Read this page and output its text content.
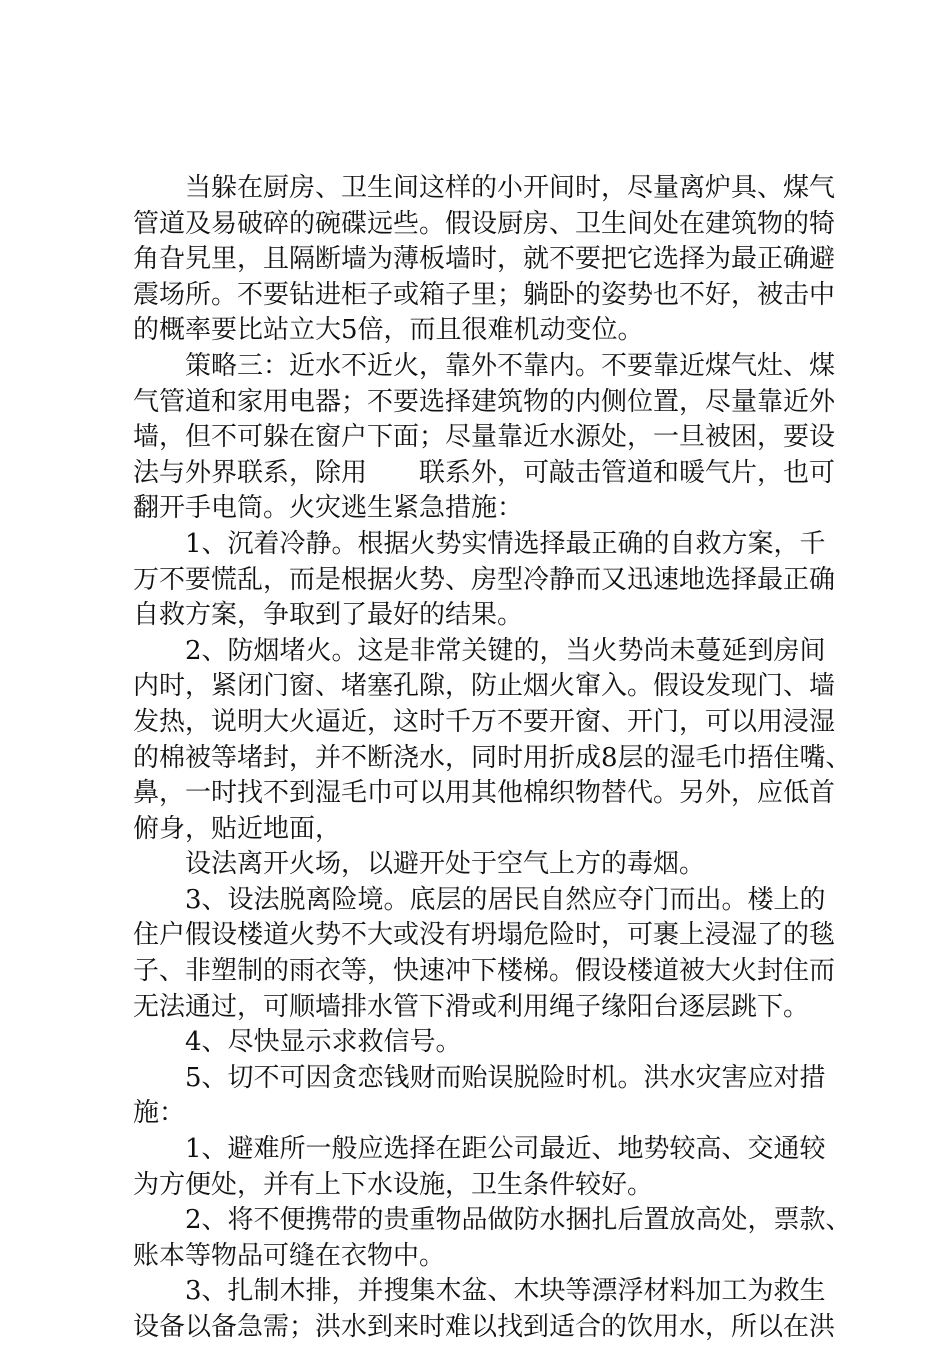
当躲在厨房、卫生间这样的小开间时，尽量离炉具、煤气
管道及易破碎的碗碟远些。假设厨房、卫生间处在建筑物的犄
角旮旯里，且隔断墙为薄板墙时，就不要把它选择为最正确避
震场所。不要钻进柜子或箱子里；躺卧的姿势也不好，被击中
的概率要比站立大5倍，而且很难机动变位。
策略三：近水不近火，靠外不靠内。不要靠近煤气灶、煤
气管道和家用电器；不要选择建筑物的内侧位置，尽量靠近外
墙，但不可躲在窗户下面；尽量靠近水源处，一旦被困，要设
法与外界联系，除用　　联系外，可敲击管道和暖气片，也可
翻开手电筒。火灾逃生紧急措施：
1、沉着冷静。根据火势实情选择最正确的自救方案，千
万不要慌乱，而是根据火势、房型冷静而又迅速地选择最正确
自救方案，争取到了最好的结果。
2、防烟堵火。这是非常关键的，当火势尚未蔓延到房间
内时，紧闭门窗、堵塞孔隙，防止烟火窜入。假设发现门、墙
发热，说明大火逼近，这时千万不要开窗、开门，可以用浸湿
的棉被等堵封，并不断浇水，同时用折成8层的湿毛巾捂住嘴、
鼻，一时找不到湿毛巾可以用其他棉织物替代。另外，应低首
俯身，贴近地面，
设法离开火场，以避开处于空气上方的毒烟。
3、设法脱离险境。底层的居民自然应夺门而出。楼上的
住户假设楼道火势不大或没有坍塌危险时，可裹上浸湿了的毯
子、非塑制的雨衣等，快速冲下楼梯。假设楼道被大火封住而
无法通过，可顺墙排水管下滑或利用绳子缘阳台逐层跳下。
4、尽快显示求救信号。
5、切不可因贪恋钱财而贻误脱险时机。洪水灾害应对措
施：
1、避难所一般应选择在距公司最近、地势较高、交通较
为方便处，并有上下水设施，卫生条件较好。
2、将不便携带的贵重物品做防水捆扎后置放高处，票款、
账本等物品可缝在衣物中。
3、扎制木排，并搜集木盆、木块等漂浮材料加工为救生
设备以备急需；洪水到来时难以找到适合的饮用水，所以在洪
